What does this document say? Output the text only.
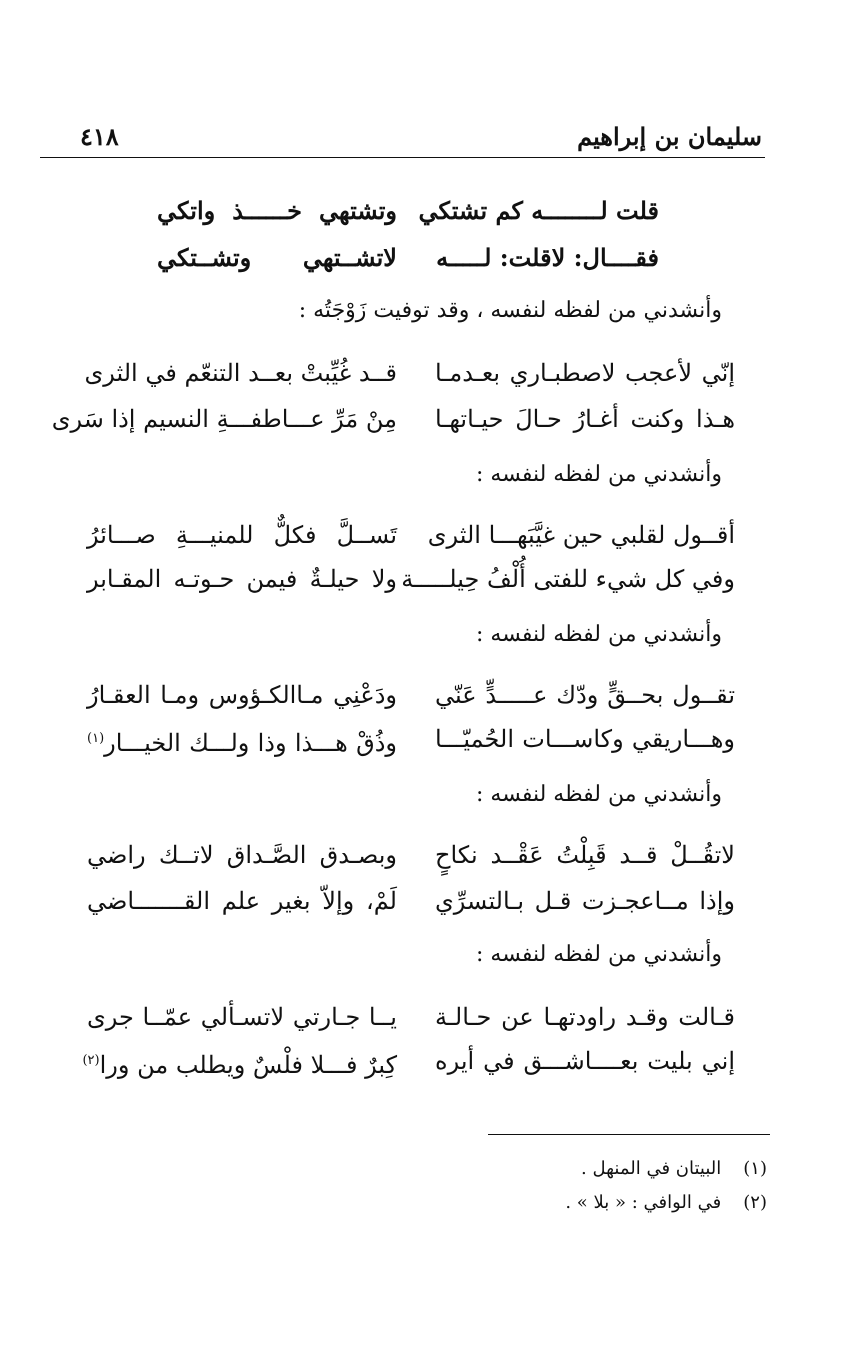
سليمان بن إبراهيم
٤١٨
قلت لــــــــه كم تشتكي
وتشتهي خــــــذ واتكي
فقــــال: لاقلت: لـــــه
لاتشــتهي وتشــتكي
وأنشدني من لفظه لنفسه ، وقد توفيت زَوْجَتُه :
إنّي لأعجب لاصطبـاري بعـدمـا
قــد غُيِّبتْ بعــد التنعّم في الثرى
هـذا وكنت أغـارُ حـالَ حيـاتهـا
مِنْ مَرِّ عـــاطفـــةِ النسيم إذا سَرى
وأنشدني من لفظه لنفسه :
أقــول لقلبي حين غيَّبَهـــا الثرى
تَســلَّ فكلٌّ للمنيـــةِ صـــائرُ
وفي كل شيء للفتى أُلْفُ حِيلـــــة
ولا حيلـةٌ فيمن حـوتـه المقـابر
وأنشدني من لفظه لنفسه :
تقــول بحــقٍّ ودّك عـــــدٍّ عَنّي
ودَعْنِي مـاالكـؤوس ومـا العقـارُ
وهـــاريقي وكاســـات الحُميّـــا
وذُقْ هـــذا وذا ولـــك الخيـــار$^{(١)}$
وأنشدني من لفظه لنفسه :
لاتقُــلْ قــد قَبِلْتُ عَقْــد نكاحٍ
وبصـدق الصَّـداق لاتــك راضي
وإذا مــاعجـزت قـل بـالتسرِّي
لَمْ، وإلاّ بغير علم القـــــــاضي
وأنشدني من لفظه لنفسه :
قـالت وقـد راودتهـا عن حـالـة
يــا جـارتي لاتسـألي عمّــا جرى
إني بليت بعــــاشـــق في أيره
كِبرٌ فـــلا فلْسٌ ويطلب من ورا$^{(٢)}$
(١) البيتان في المنهل .
(٢) في الوافي : « بلا » .
